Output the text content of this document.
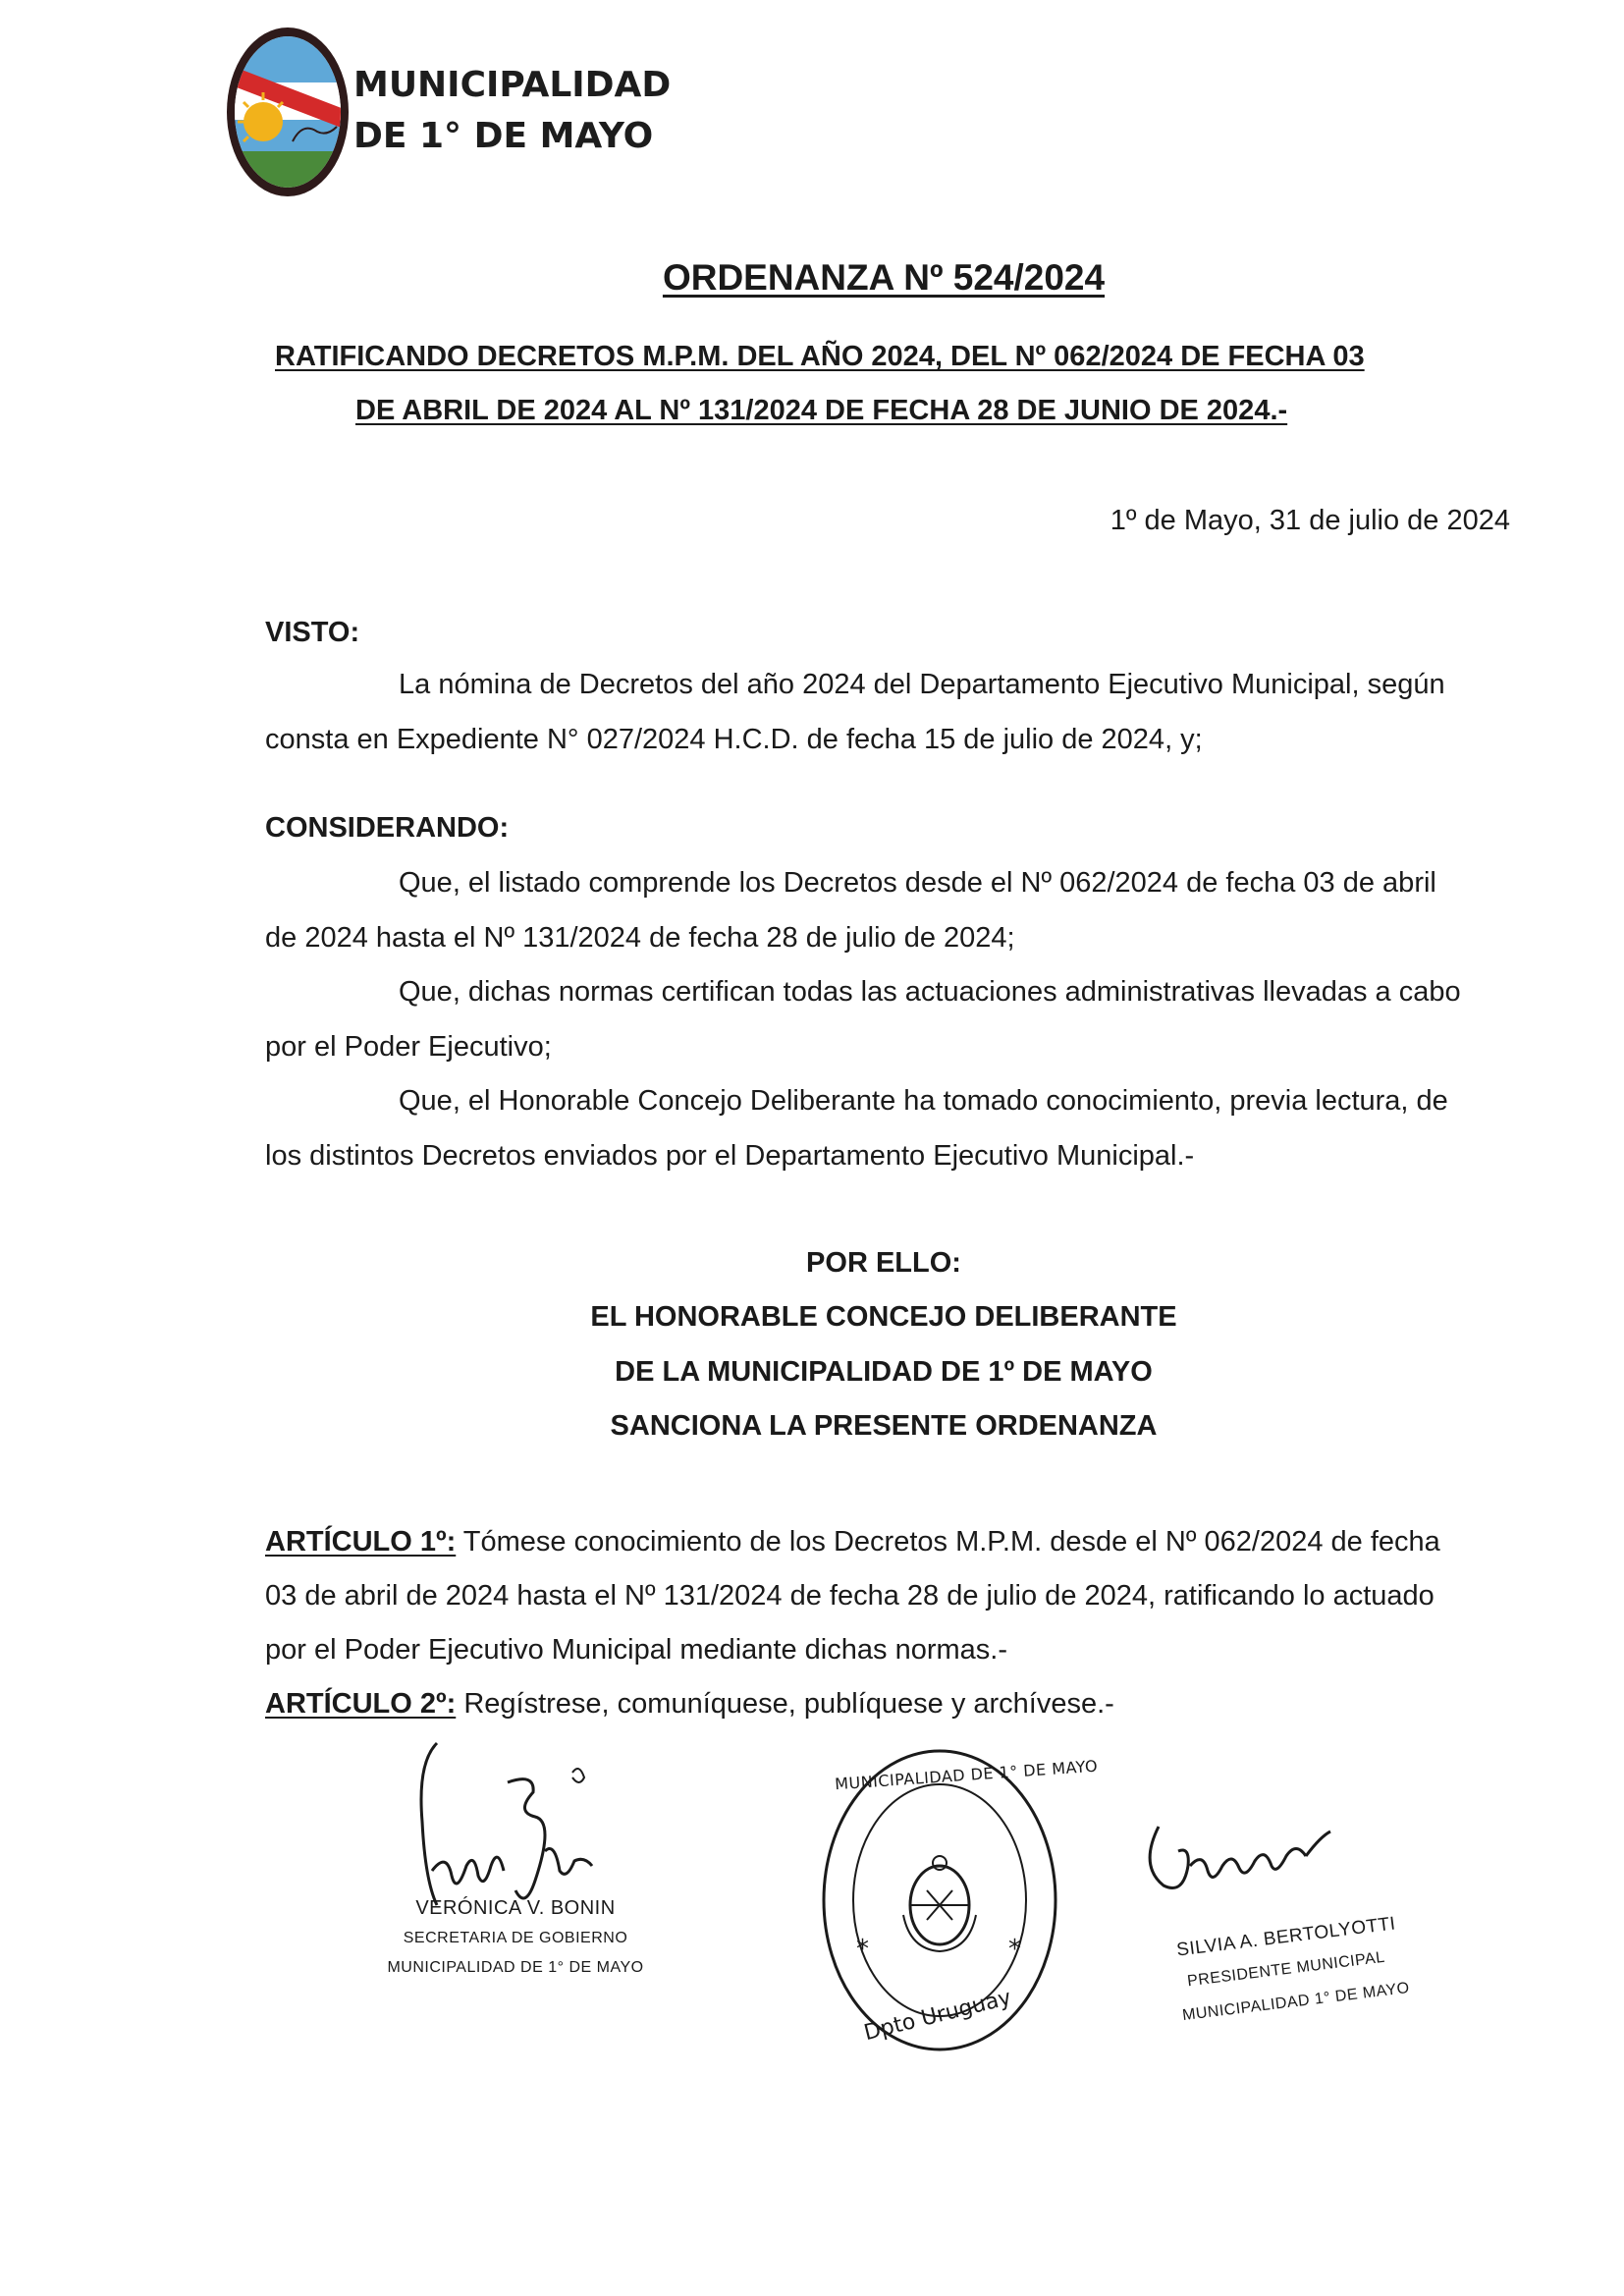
MUNICIPALIDAD
DE 1° DE MAYO
ORDENANZA Nº 524/2024
RATIFICANDO DECRETOS M.P.M. DEL AÑO 2024, DEL Nº 062/2024 DE FECHA 03
DE ABRIL DE 2024 AL Nº 131/2024 DE FECHA 28 DE JUNIO DE 2024.-
1º de Mayo, 31 de julio de 2024
VISTO:
La nómina de Decretos del año 2024 del Departamento Ejecutivo Municipal, según
consta en Expediente N° 027/2024 H.C.D. de fecha 15 de julio de 2024, y;
CONSIDERANDO:
Que, el listado comprende los Decretos desde el Nº 062/2024 de fecha 03 de abril
de 2024 hasta el Nº 131/2024 de fecha 28 de julio de 2024;
Que, dichas normas certifican todas las actuaciones administrativas llevadas a cabo
por el Poder Ejecutivo;
Que, el Honorable Concejo Deliberante ha tomado conocimiento, previa lectura, de
los distintos Decretos enviados por el Departamento Ejecutivo Municipal.-
POR ELLO:
EL HONORABLE CONCEJO DELIBERANTE
DE LA MUNICIPALIDAD DE 1º DE MAYO
SANCIONA LA PRESENTE ORDENANZA
ARTÍCULO 1º: Tómese conocimiento de los Decretos M.P.M. desde el Nº 062/2024 de fecha
03 de abril de 2024 hasta el Nº 131/2024 de fecha 28 de julio de 2024, ratificando lo actuado
por el Poder Ejecutivo Municipal mediante dichas normas.-
ARTÍCULO 2º: Regístrese, comuníquese, publíquese y archívese.-
VERÓNICA V. BONIN
SECRETARIA DE GOBIERNO
MUNICIPALIDAD DE 1° DE MAYO
*	*
MUNICIPALIDAD DE 1° DE MAYO
Dpto Uruguay
SILVIA A. BERTOLYOTTI
PRESIDENTE MUNICIPAL
MUNICIPALIDAD 1° DE MAYO
